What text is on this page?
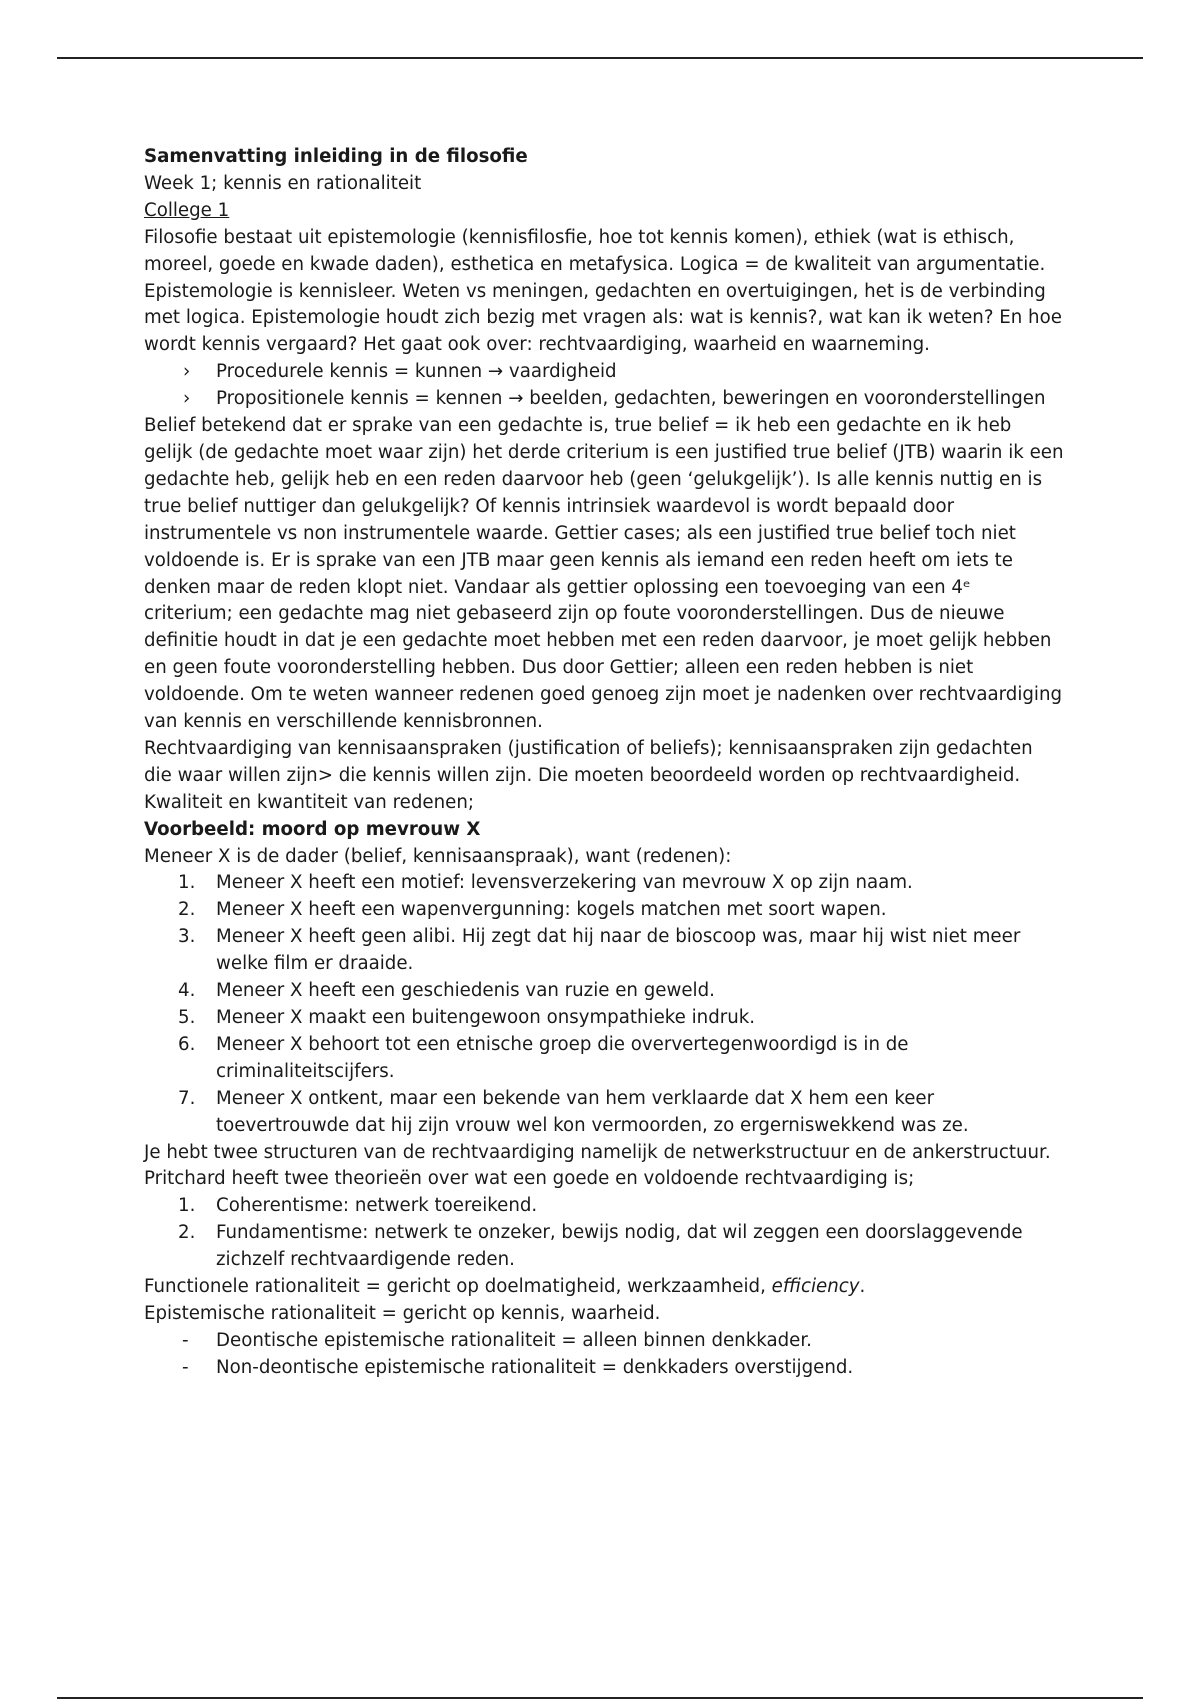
Samenvatting inleiding in de filosofie

Week 1; kennis en rationaliteit

College 1

Filosofie bestaat uit epistemologie (kennisfilosfie, hoe tot kennis komen), ethiek (wat is ethisch, moreel, goede en kwade daden), esthetica en metafysica. Logica = de kwaliteit van argumentatie.

Epistemologie is kennisleer. Weten vs meningen, gedachten en overtuigingen, het is de verbinding met logica. Epistemologie houdt zich bezig met vragen als: wat is kennis?, wat kan ik weten? En hoe wordt kennis vergaard? Het gaat ook over: rechtvaardiging, waarheid en waarneming.

› Procedurele kennis = kunnen → vaardigheid
› Propositionele kennis = kennen → beelden, gedachten, beweringen en vooronderstellingen

Belief betekend dat er sprake van een gedachte is, true belief = ik heb een gedachte en ik heb gelijk (de gedachte moet waar zijn) het derde criterium is een justified true belief (JTB) waarin ik een gedachte heb, gelijk heb en een reden daarvoor heb (geen ‘gelukgelijk’). Is alle kennis nuttig en is true belief nuttiger dan gelukgelijk? Of kennis intrinsiek waardevol is wordt bepaald door instrumentele vs non instrumentele waarde. Gettier cases; als een justified true belief toch niet voldoende is. Er is sprake van een JTB maar geen kennis als iemand een reden heeft om iets te denken maar de reden klopt niet. Vandaar als gettier oplossing een toevoeging van een 4ᵉ criterium; een gedachte mag niet gebaseerd zijn op foute vooronderstellingen. Dus de nieuwe definitie houdt in dat je een gedachte moet hebben met een reden daarvoor, je moet gelijk hebben en geen foute vooronderstelling hebben. Dus door Gettier; alleen een reden hebben is niet voldoende. Om te weten wanneer redenen goed genoeg zijn moet je nadenken over rechtvaardiging van kennis en verschillende kennisbronnen.

Rechtvaardiging van kennisaanspraken (justification of beliefs); kennisaanspraken zijn gedachten die waar willen zijn> die kennis willen zijn. Die moeten beoordeeld worden op rechtvaardigheid.

Kwaliteit en kwantiteit van redenen;

Voorbeeld: moord op mevrouw X

Meneer X is de dader (belief, kennisaanspraak), want (redenen):

1. Meneer X heeft een motief: levensverzekering van mevrouw X op zijn naam.
2. Meneer X heeft een wapenvergunning: kogels matchen met soort wapen.
3. Meneer X heeft geen alibi. Hij zegt dat hij naar de bioscoop was, maar hij wist niet meer welke film er draaide.
4. Meneer X heeft een geschiedenis van ruzie en geweld.
5. Meneer X maakt een buitengewoon onsympathieke indruk.
6. Meneer X behoort tot een etnische groep die oververtegenwoordigd is in de criminaliteitscijfers.
7. Meneer X ontkent, maar een bekende van hem verklaarde dat X hem een keer toevertrouwde dat hij zijn vrouw wel kon vermoorden, zo ergerniswekkend was ze.

Je hebt twee structuren van de rechtvaardiging namelijk de netwerkstructuur en de ankerstructuur. Pritchard heeft twee theorieën over wat een goede en voldoende rechtvaardiging is;

1. Coherentisme: netwerk toereikend.
2. Fundamentisme: netwerk te onzeker, bewijs nodig, dat wil zeggen een doorslaggevende zichzelf rechtvaardigende reden.

Functionele rationaliteit = gericht op doelmatigheid, werkzaamheid, efficiency.

Epistemische rationaliteit = gericht op kennis, waarheid.

- Deontische epistemische rationaliteit = alleen binnen denkkader.
- Non-deontische epistemische rationaliteit = denkkaders overstijgend.
